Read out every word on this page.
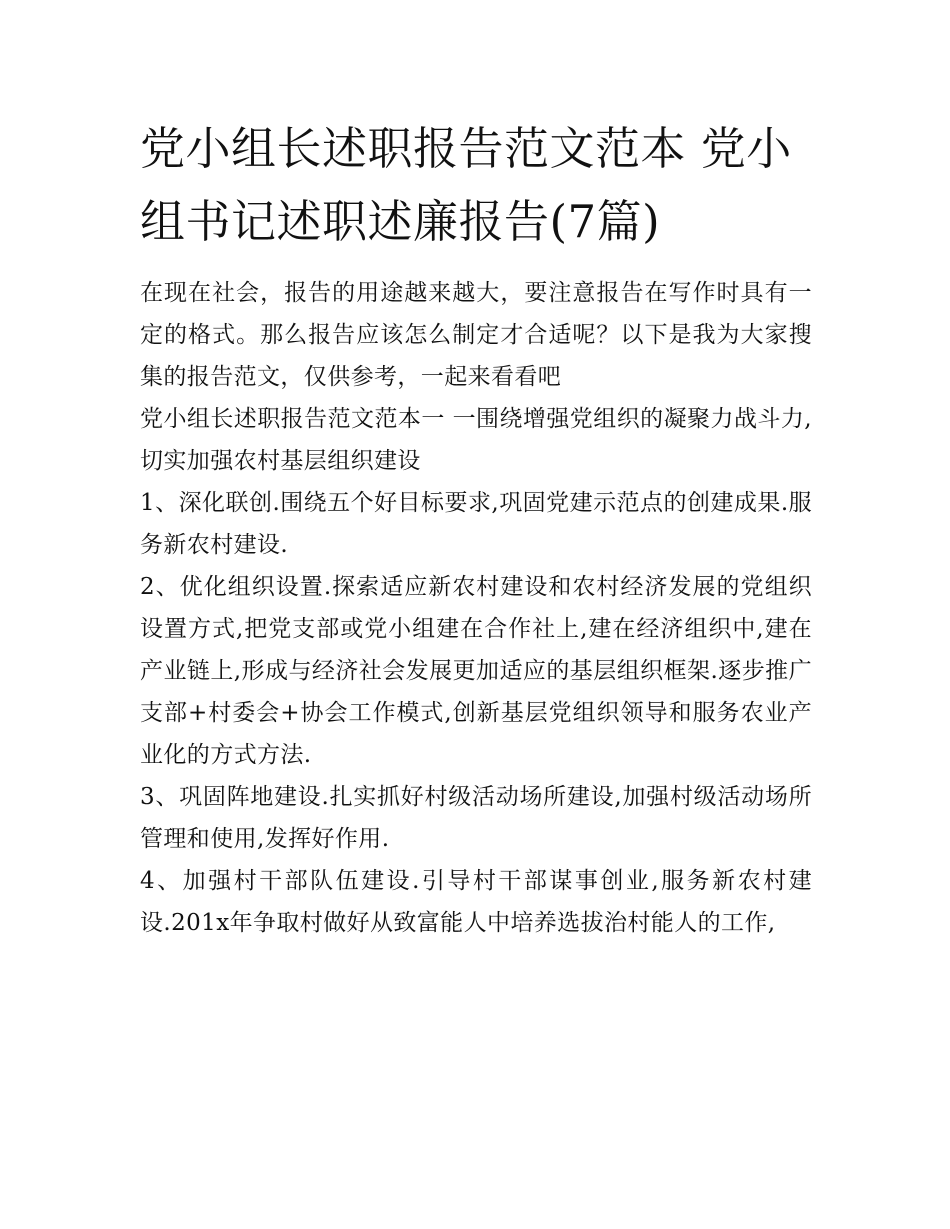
党小组长述职报告范文范本 党小组书记述职述廉报告(7篇)

在现在社会，报告的用途越来越大，要注意报告在写作时具有一定的格式。那么报告应该怎么制定才合适呢？以下是我为大家搜集的报告范文，仅供参考，一起来看看吧

党小组长述职报告范文范本一 一围绕增强党组织的凝聚力战斗力,切实加强农村基层组织建设

1、深化联创.围绕五个好目标要求,巩固党建示范点的创建成果.服务新农村建设.

2、优化组织设置.探索适应新农村建设和农村经济发展的党组织设置方式,把党支部或党小组建在合作社上,建在经济组织中,建在产业链上,形成与经济社会发展更加适应的基层组织框架.逐步推广支部+村委会+协会工作模式,创新基层党组织领导和服务农业产业化的方式方法.

3、巩固阵地建设.扎实抓好村级活动场所建设,加强村级活动场所管理和使用,发挥好作用.

4、加强村干部队伍建设.引导村干部谋事创业,服务新农村建设.201x年争取村做好从致富能人中培养选拔治村能人的工作,
